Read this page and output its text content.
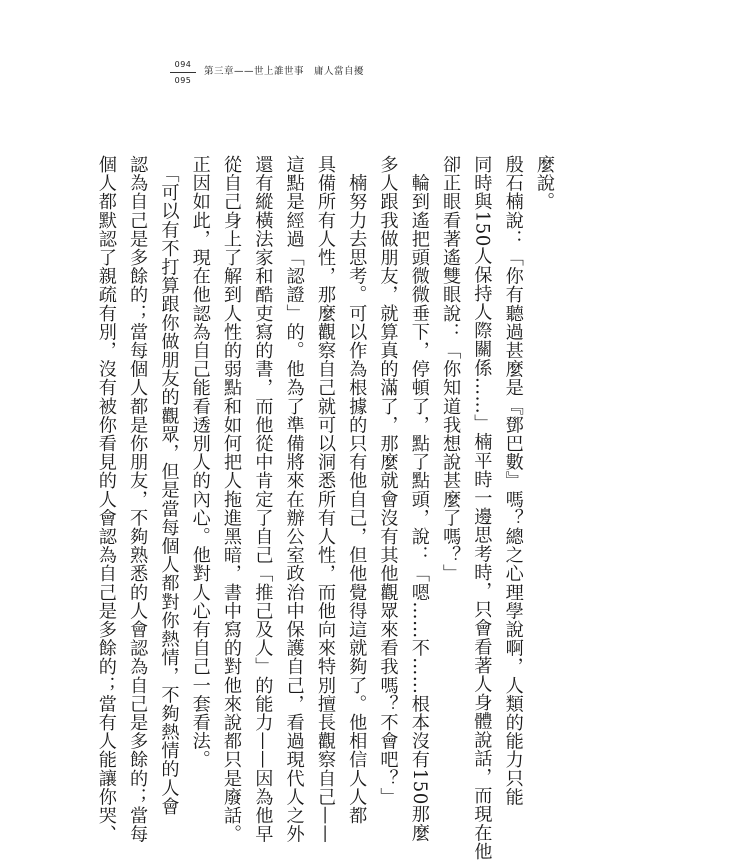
094
095
第三章——世上誰世事　庸人當自擾
麼說。
殷石楠說：「你有聽過甚麼是『鄧巴數』嗎？總之心理學說啊，人類的能力只能
同時與150人保持人際關係……」楠平時一邊思考時，只會看著人身體說話，而現在他
卻正眼看著遙雙眼說：「你知道我想說甚麼了嗎？」
　輪到遙把頭微微垂下，停頓了，點了點頭，說：「嗯……不……根本沒有150那麼
多人跟我做朋友，就算真的滿了，那麼就會沒有其他觀眾來看我嗎？不會吧？」
　楠努力去思考。可以作為根據的只有他自己，但他覺得這就夠了。他相信人人都
具備所有人性，那麼觀察自己就可以洞悉所有人性，而他向來特別擅長觀察自己——
這點是經過「認證」的。他為了準備將來在辦公室政治中保護自己，看過現代人之外
還有縱橫法家和酷吏寫的書，而他從中肯定了自己「推己及人」的能力——因為他早
從自己身上了解到人性的弱點和如何把人拖進黑暗，書中寫的對他來說都只是廢話。
正因如此，現在他認為自己能看透別人的內心。他對人心有自己一套看法。
　「可以有不打算跟你做朋友的觀眾，但是當每個人都對你熱情，不夠熱情的人會
認為自己是多餘的；當每個人都是你朋友，不夠熟悉的人會認為自己是多餘的；當每
個人都默認了親疏有別，沒有被你看見的人會認為自己是多餘的；當有人能讓你哭、
